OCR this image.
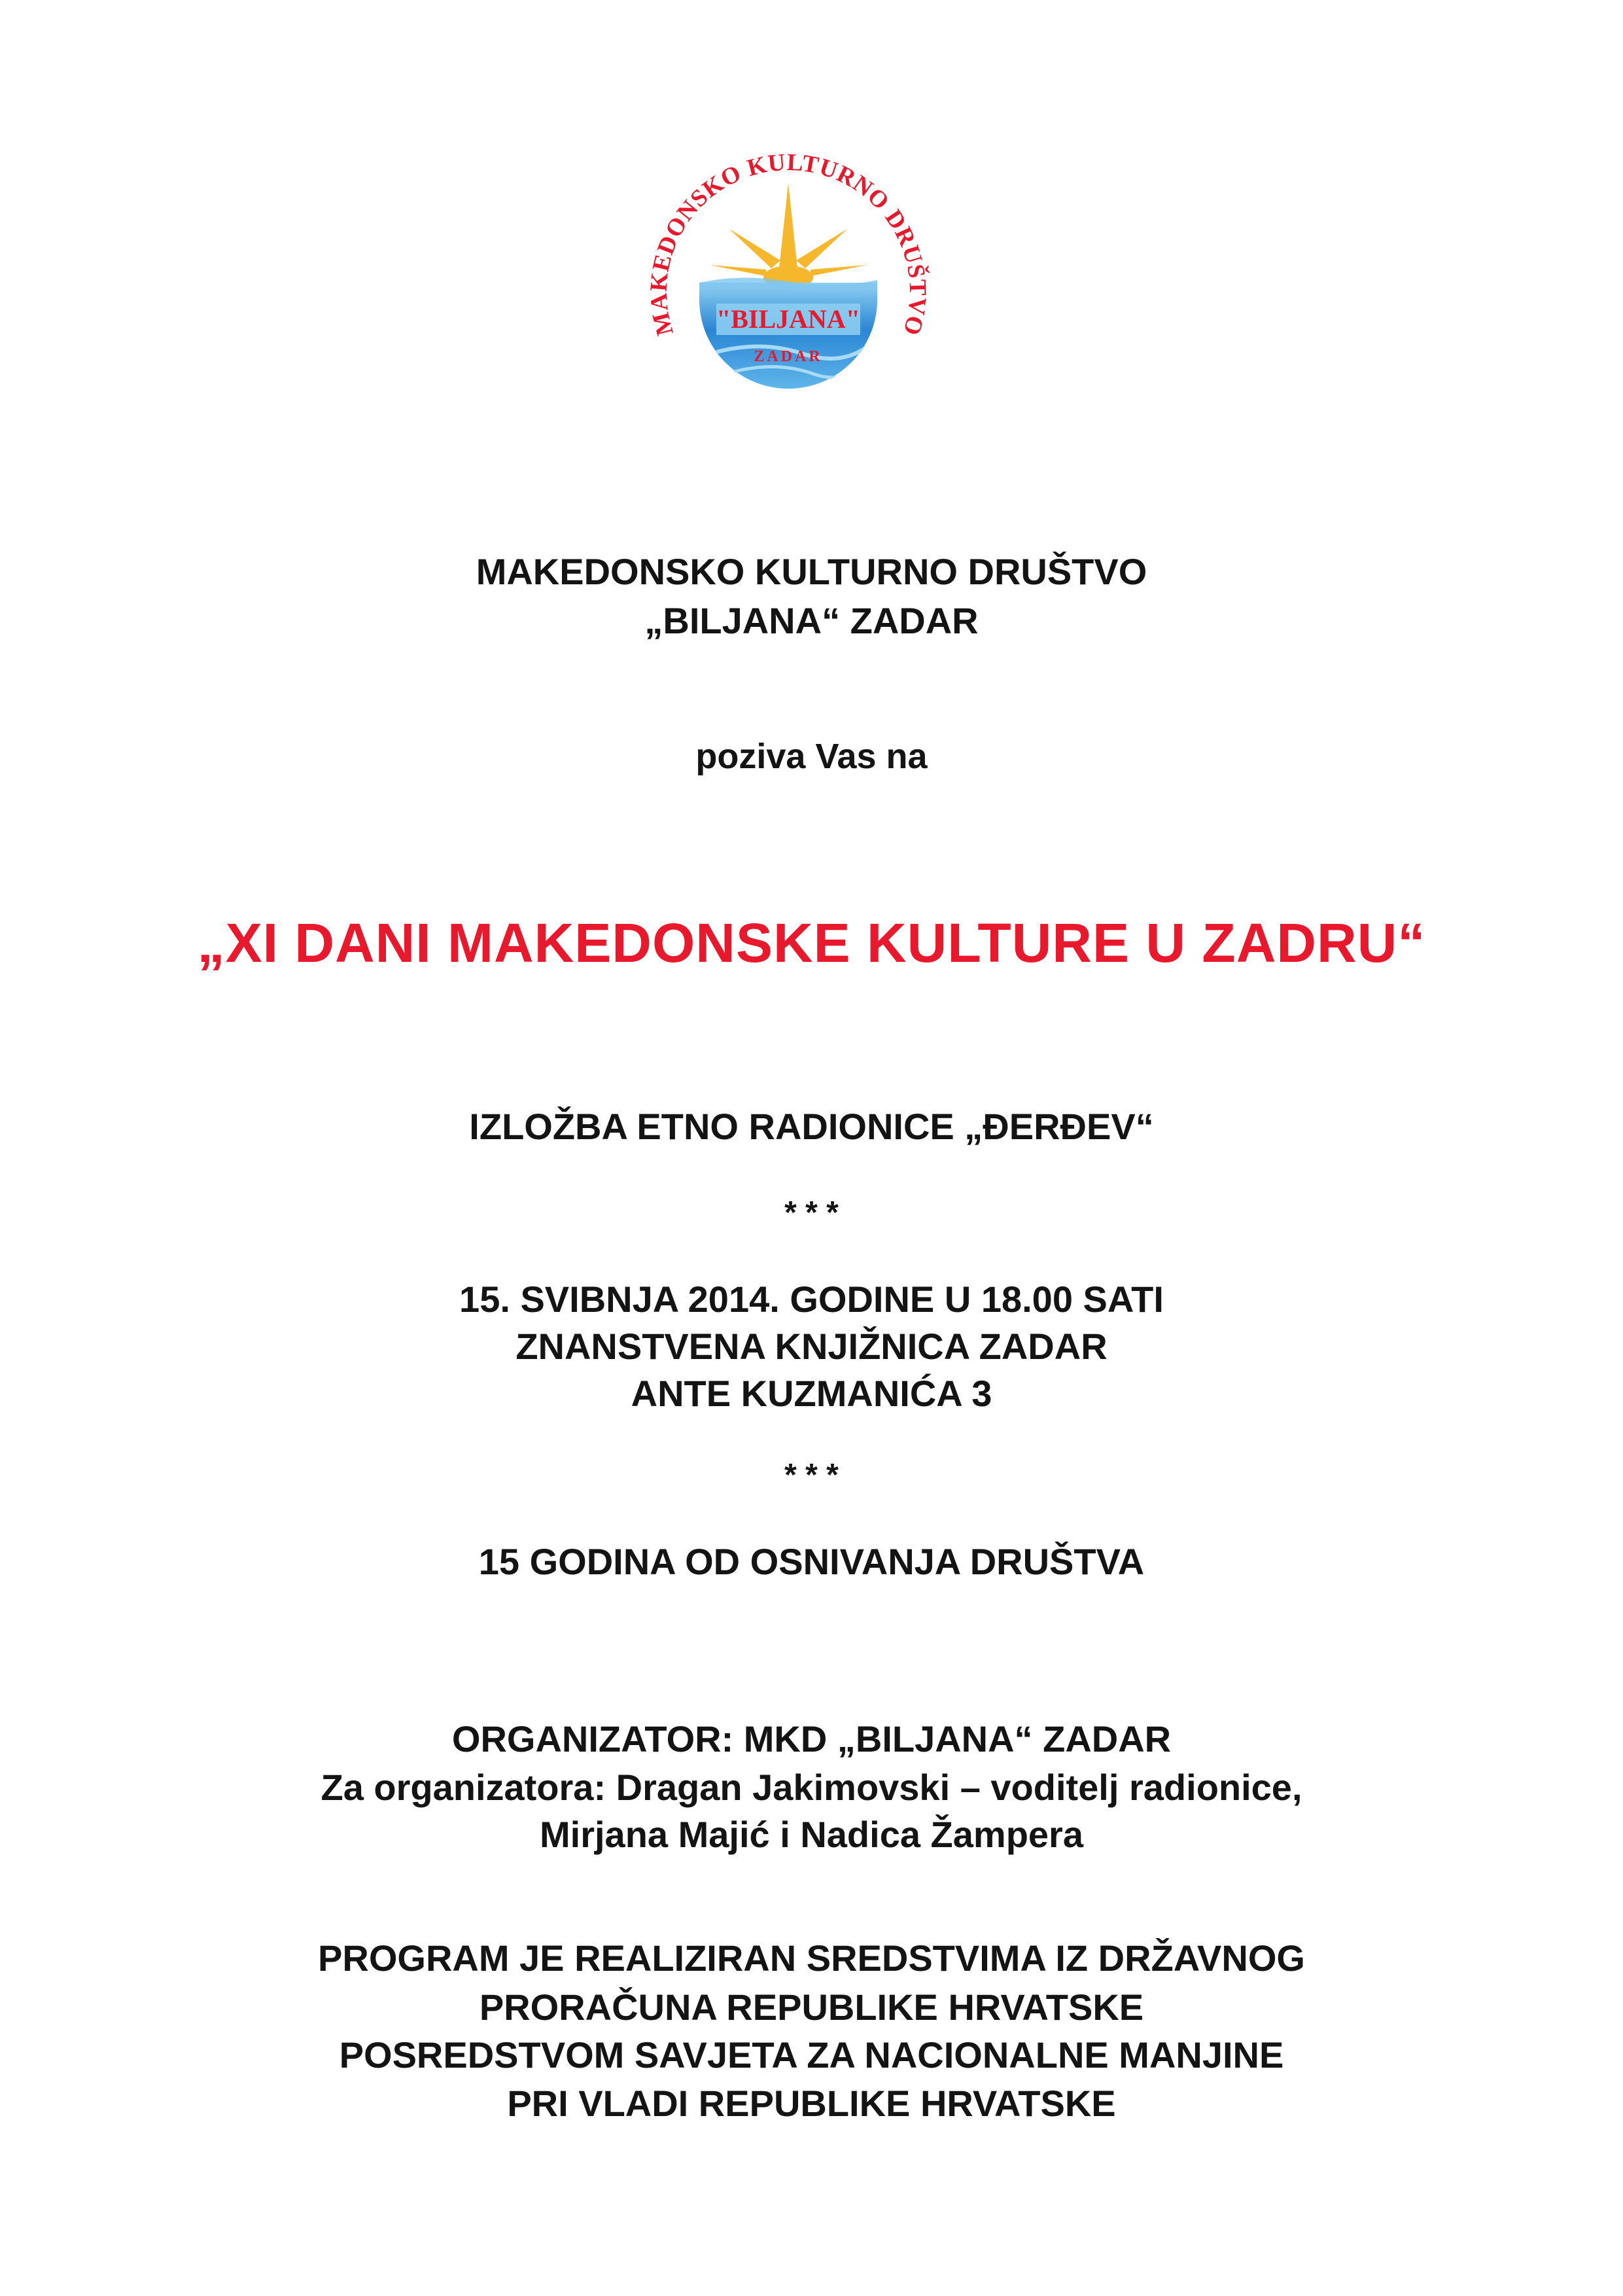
MAKEDONSKO KULTURNO DRUŠTVO
"BILJANA"
ZADAR
MAKEDONSKO KULTURNO DRUŠTVO
„BILJANA“ ZADAR
poziva Vas na
„XI DANI MAKEDONSKE KULTURE U ZADRU“
IZLOŽBA ETNO RADIONICE „ĐERĐEV“
* * *
15. SVIBNJA 2014. GODINE U 18.00 SATI
ZNANSTVENA KNJIŽNICA ZADAR
ANTE KUZMANIĆA 3
* * *
15 GODINA OD OSNIVANJA DRUŠTVA
ORGANIZATOR: MKD „BILJANA“ ZADAR
Za organizatora: Dragan Jakimovski – voditelj radionice,
Mirjana Majić i Nadica Žampera
PROGRAM JE REALIZIRAN SREDSTVIMA IZ DRŽAVNOG
PRORAČUNA REPUBLIKE HRVATSKE
POSREDSTVOM SAVJETA ZA NACIONALNE MANJINE
PRI VLADI REPUBLIKE HRVATSKE
